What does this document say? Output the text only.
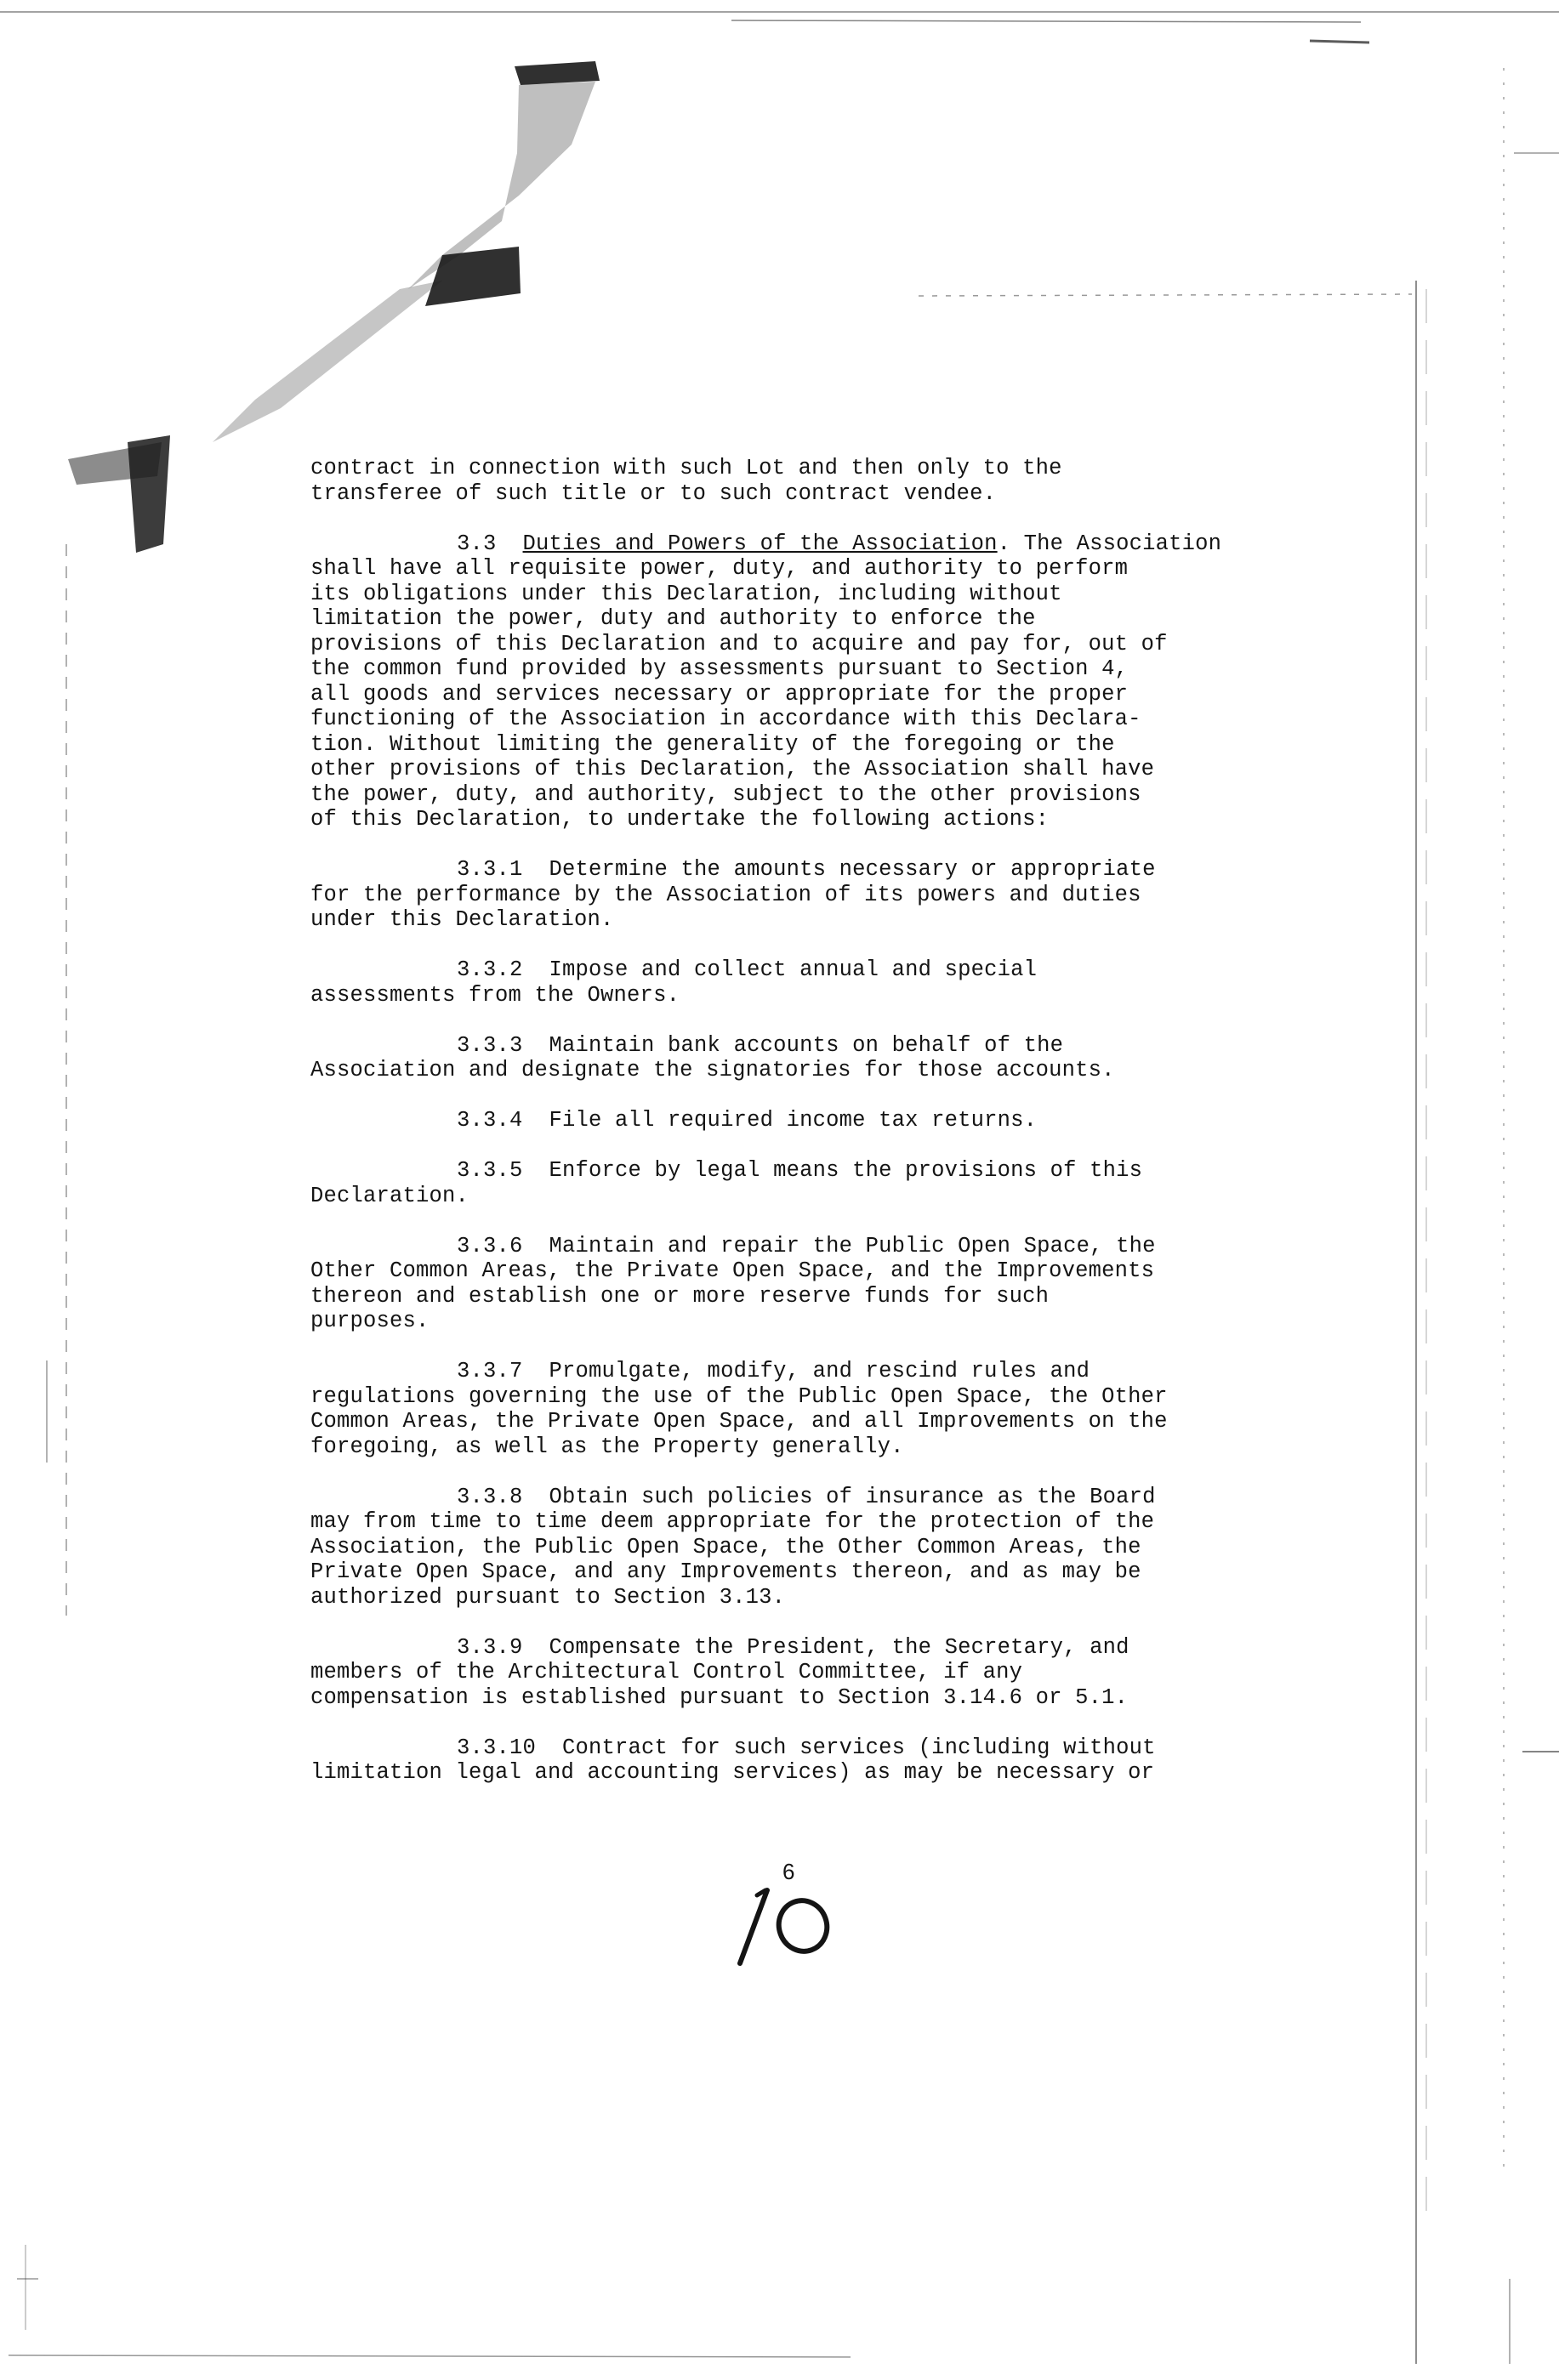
contract in connection with such Lot and then only to the
transferee of such title or to such contract vendee.

3.3 Duties and Powers of the Association. The Association
shall have all requisite power, duty, and authority to perform
its obligations under this Declaration, including without
limitation the power, duty and authority to enforce the
provisions of this Declaration and to acquire and pay for, out of
the common fund provided by assessments pursuant to Section 4,
all goods and services necessary or appropriate for the proper
functioning of the Association in accordance with this Declara-
tion. Without limiting the generality of the foregoing or the
other provisions of this Declaration, the Association shall have
the power, duty, and authority, subject to the other provisions
of this Declaration, to undertake the following actions:

3.3.1 Determine the amounts necessary or appropriate
for the performance by the Association of its powers and duties
under this Declaration.

3.3.2 Impose and collect annual and special
assessments from the Owners.

3.3.3 Maintain bank accounts on behalf of the
Association and designate the signatories for those accounts.

3.3.4 File all required income tax returns.

3.3.5 Enforce by legal means the provisions of this
Declaration.

3.3.6 Maintain and repair the Public Open Space, the
Other Common Areas, the Private Open Space, and the Improvements
thereon and establish one or more reserve funds for such
purposes.

3.3.7 Promulgate, modify, and rescind rules and
regulations governing the use of the Public Open Space, the Other
Common Areas, the Private Open Space, and all Improvements on the
foregoing, as well as the Property generally.

3.3.8 Obtain such policies of insurance as the Board
may from time to time deem appropriate for the protection of the
Association, the Public Open Space, the Other Common Areas, the
Private Open Space, and any Improvements thereon, and as may be
authorized pursuant to Section 3.13.

3.3.9 Compensate the President, the Secretary, and
members of the Architectural Control Committee, if any
compensation is established pursuant to Section 3.14.6 or 5.1.

3.3.10 Contract for such services (including without
limitation legal and accounting services) as may be necessary or

6
